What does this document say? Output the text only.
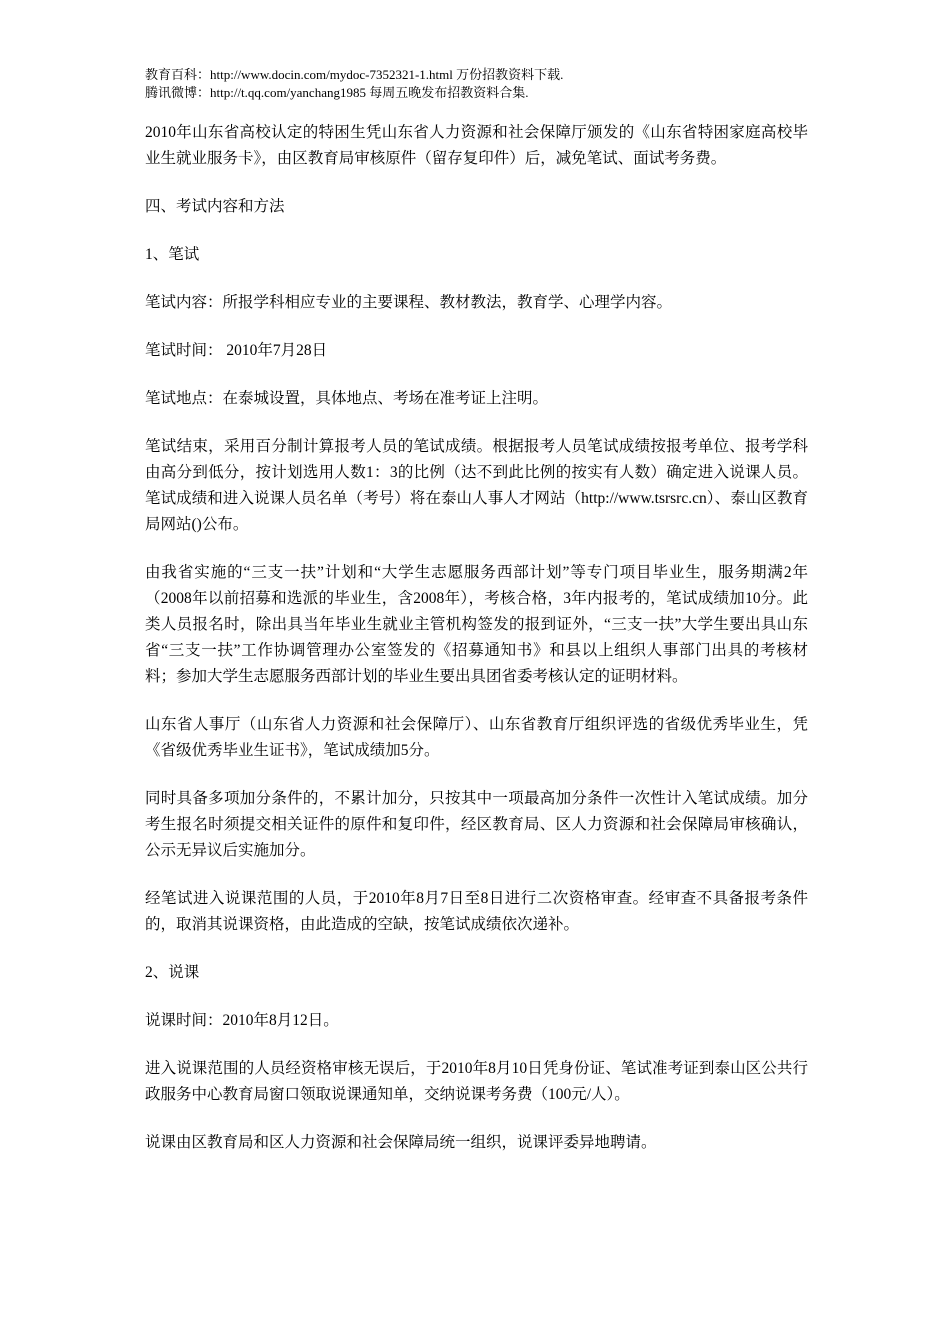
教育百科：http://www.docin.com/mydoc-7352321-1.html 万份招教资料下载.

腾讯微博：http://t.qq.com/yanchang1985 每周五晚发布招教资料合集.

2010年山东省高校认定的特困生凭山东省人力资源和社会保障厅颁发的《山东省特困家庭高校毕业生就业服务卡》，由区教育局审核原件（留存复印件）后，减免笔试、面试考务费。

四、考试内容和方法

1、笔试

笔试内容：所报学科相应专业的主要课程、教材教法，教育学、心理学内容。

笔试时间： 2010年7月28日

笔试地点：在泰城设置，具体地点、考场在准考证上注明。

笔试结束，采用百分制计算报考人员的笔试成绩。根据报考人员笔试成绩按报考单位、报考学科由高分到低分，按计划选用人数1：3的比例（达不到此比例的按实有人数）确定进入说课人员。笔试成绩和进入说课人员名单（考号）将在泰山人事人才网站（http://www.tsrsrc.cn）、泰山区教育局网站()公布。

由我省实施的“三支一扶”计划和“大学生志愿服务西部计划”等专门项目毕业生，服务期满2年（2008年以前招募和选派的毕业生，含2008年），考核合格，3年内报考的，笔试成绩加10分。此类人员报名时，除出具当年毕业生就业主管机构签发的报到证外，“三支一扶”大学生要出具山东省“三支一扶”工作协调管理办公室签发的《招募通知书》和县以上组织人事部门出具的考核材料；参加大学生志愿服务西部计划的毕业生要出具团省委考核认定的证明材料。

山东省人事厅（山东省人力资源和社会保障厅）、山东省教育厅组织评选的省级优秀毕业生，凭《省级优秀毕业生证书》，笔试成绩加5分。

同时具备多项加分条件的，不累计加分，只按其中一项最高加分条件一次性计入笔试成绩。加分考生报名时须提交相关证件的原件和复印件，经区教育局、区人力资源和社会保障局审核确认，公示无异议后实施加分。

经笔试进入说课范围的人员，于2010年8月7日至8日进行二次资格审查。经审查不具备报考条件的，取消其说课资格，由此造成的空缺，按笔试成绩依次递补。

2、说课

说课时间：2010年8月12日。

进入说课范围的人员经资格审核无误后，于2010年8月10日凭身份证、笔试准考证到泰山区公共行政服务中心教育局窗口领取说课通知单，交纳说课考务费（100元/人）。

说课由区教育局和区人力资源和社会保障局统一组织，说课评委异地聘请。
